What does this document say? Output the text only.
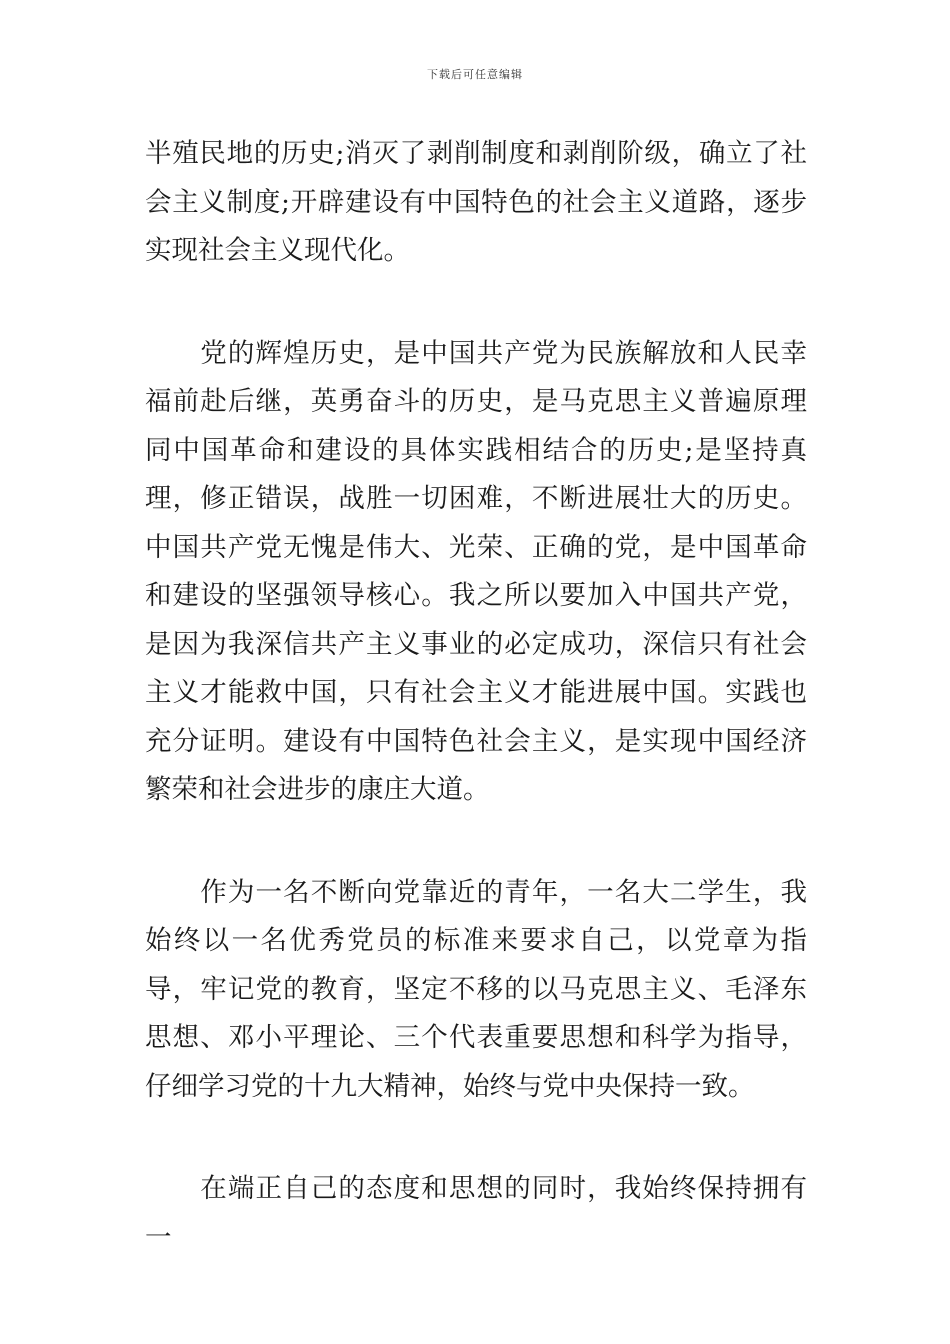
下载后可任意编辑

半殖民地的历史;消灭了剥削制度和剥削阶级，确立了社会主义制度;开辟建设有中国特色的社会主义道路，逐步实现社会主义现代化。

　　党的辉煌历史，是中国共产党为民族解放和人民幸福前赴后继，英勇奋斗的历史，是马克思主义普遍原理同中国革命和建设的具体实践相结合的历史;是坚持真理，修正错误，战胜一切困难，不断进展壮大的历史。中国共产党无愧是伟大、光荣、正确的党，是中国革命和建设的坚强领导核心。我之所以要加入中国共产党，是因为我深信共产主义事业的必定成功，深信只有社会主义才能救中国，只有社会主义才能进展中国。实践也充分证明。建设有中国特色社会主义，是实现中国经济繁荣和社会进步的康庄大道。

　　作为一名不断向党靠近的青年，一名大二学生，我始终以一名优秀党员的标准来要求自己，以党章为指导，牢记党的教育，坚定不移的以马克思主义、毛泽东思想、邓小平理论、三个代表重要思想和科学为指导，仔细学习党的十九大精神，始终与党中央保持一致。

　　在端正自己的态度和思想的同时，我始终保持拥有一
